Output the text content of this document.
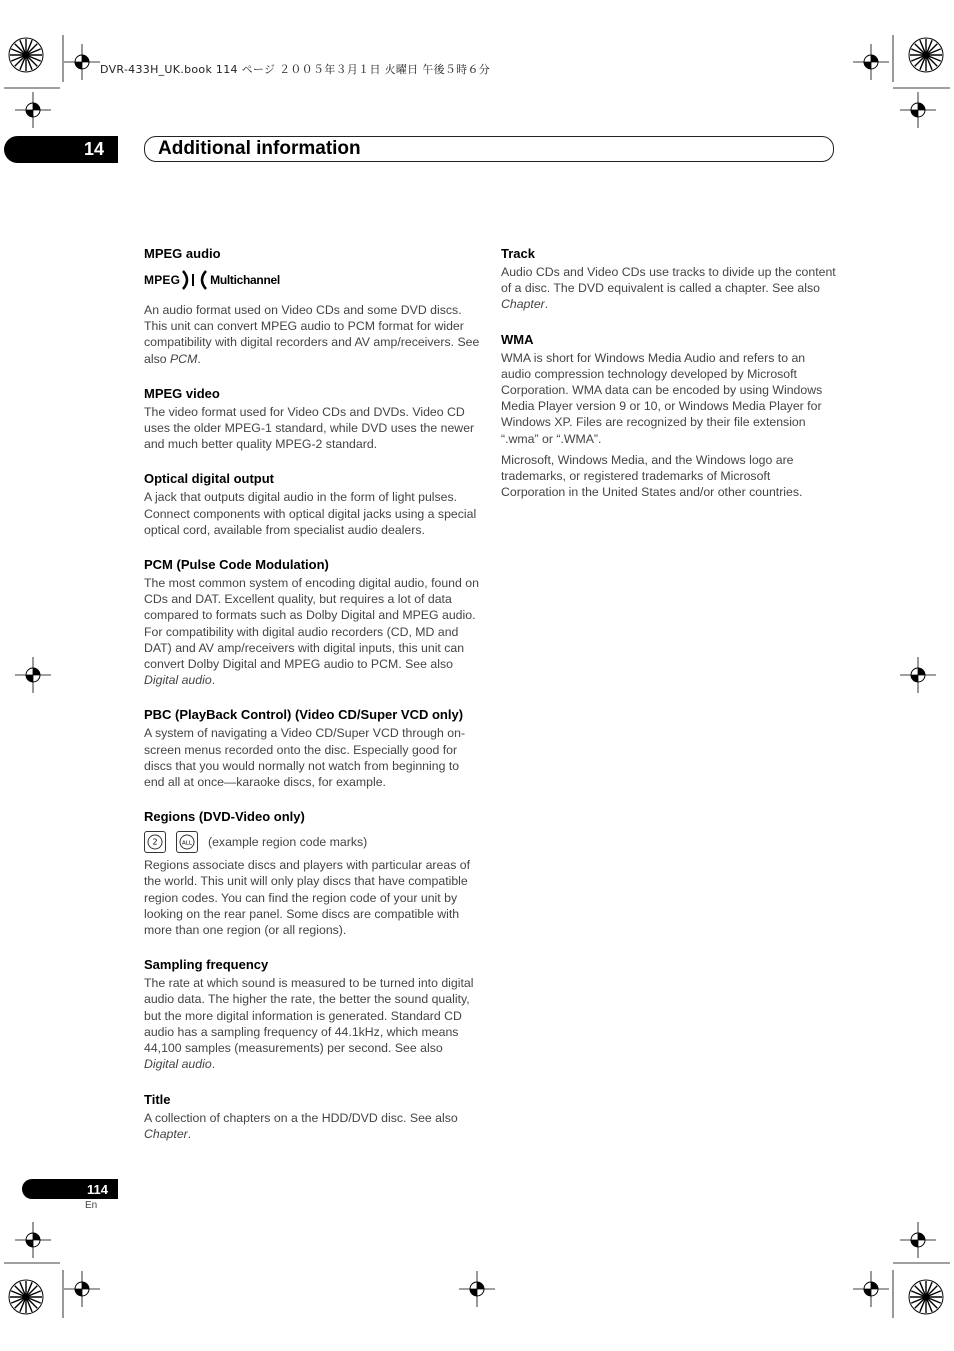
DVR-433H_UK.book 114 ページ ２００５年３月１日 火曜日 午後５時６分
14	Additional information
MPEG audio
MPEG	Multichannel

An audio format used on Video CDs and some DVD discs. This unit can convert MPEG audio to PCM format for wider compatibility with digital recorders and AV amp/receivers. See also PCM.

MPEG video

The video format used for Video CDs and DVDs. Video CD uses the older MPEG-1 standard, while DVD uses the newer and much better quality MPEG-2 standard.

Optical digital output

A jack that outputs digital audio in the form of light pulses. Connect components with optical digital jacks using a special optical cord, available from specialist audio dealers.

PCM (Pulse Code Modulation)

The most common system of encoding digital audio, found on CDs and DAT. Excellent quality, but requires a lot of data compared to formats such as Dolby Digital and MPEG audio. For compatibility with digital audio recorders (CD, MD and DAT) and AV amp/receivers with digital inputs, this unit can convert Dolby Digital and MPEG audio to PCM. See also Digital audio.

PBC (PlayBack Control) (Video CD/Super VCD only)

A system of navigating a Video CD/Super VCD through on-screen menus recorded onto the disc. Especially good for discs that you would normally not watch from beginning to end all at once—karaoke discs, for example.

Regions (DVD-Video only)
2	ALL (example region code marks)

Regions associate discs and players with particular areas of the world. This unit will only play discs that have compatible region codes. You can find the region code of your unit by looking on the rear panel. Some discs are compatible with more than one region (or all regions).

Sampling frequency

The rate at which sound is measured to be turned into digital audio data. The higher the rate, the better the sound quality, but the more digital information is generated. Standard CD audio has a sampling frequency of 44.1kHz, which means 44,100 samples (measurements) per second. See also Digital audio.

Title

A collection of chapters on a the HDD/DVD disc. See also Chapter.

Track

Audio CDs and Video CDs use tracks to divide up the content of a disc. The DVD equivalent is called a chapter. See also Chapter.

WMA

WMA is short for Windows Media Audio and refers to an audio compression technology developed by Microsoft Corporation. WMA data can be encoded by using Windows Media Player version 9 or 10, or Windows Media Player for Windows XP. Files are recognized by their file extension “.wma” or “.WMA”.

Microsoft, Windows Media, and the Windows logo are trademarks, or registered trademarks of Microsoft Corporation in the United States and/or other countries.

114
En
